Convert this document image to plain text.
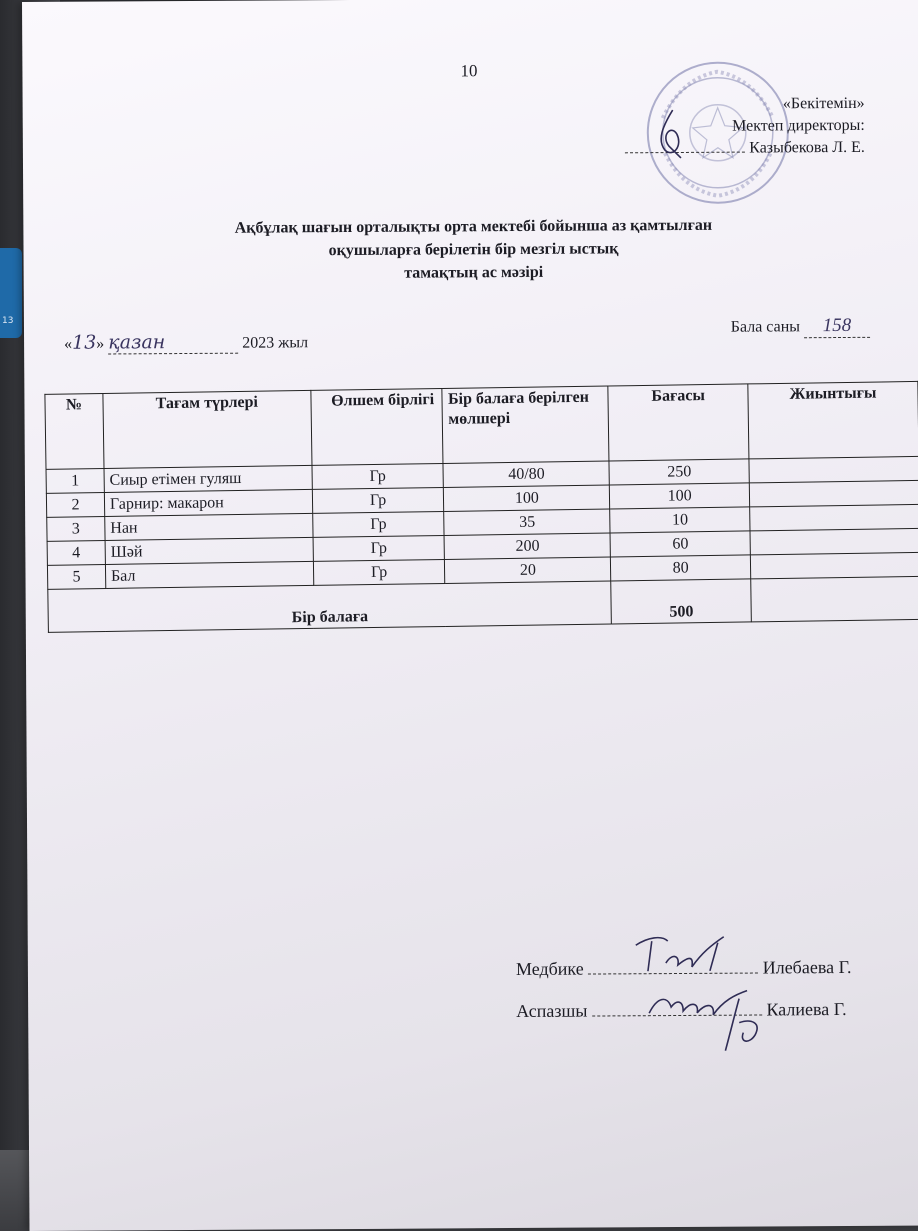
13
10
«Бекітемін»
Мектеп директоры:
Казыбекова Л. Е.
Ақбұлақ шағын орталықты орта мектебі бойынша аз қамтылған
оқушыларға берілетін бір мезгіл ыстық
тамақтың ас мәзірі
«13» қазан	2023 жыл
Бала саны 158
№	Тағам түрлері	Өлшем бірлігі	Бір балаға берілген мөлшері	Бағасы	Жиынтығы
1	Сиыр етімен гуляш	Гр	40/80	250	
2	Гарнир: макарон	Гр	100	100	
3	Нан	Гр	35	10	
4	Шәй	Гр	200	60	
5	Бал	Гр	20	80	
Бір балаға				500	
Медбике	Илебаева Г.
Аспазшы	Калиева Г.
